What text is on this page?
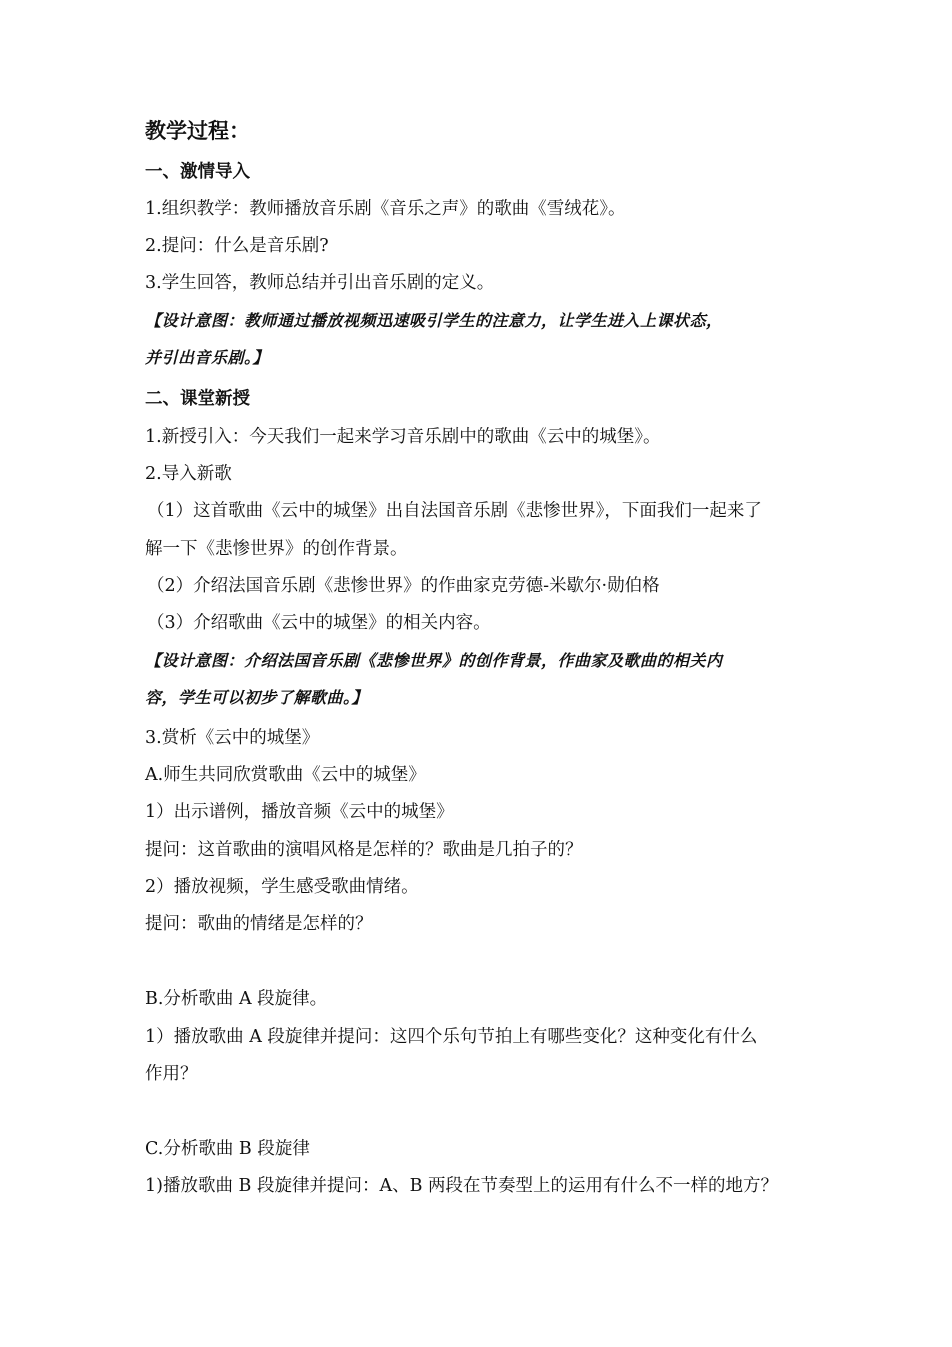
教学过程：
一、激情导入
1.组织教学：教师播放音乐剧《音乐之声》的歌曲《雪绒花》。
2.提问：什么是音乐剧?
3.学生回答，教师总结并引出音乐剧的定义。
【设计意图：教师通过播放视频迅速吸引学生的注意力，让学生进入上课状态，
并引出音乐剧。】
二、课堂新授
1.新授引入：今天我们一起来学习音乐剧中的歌曲《云中的城堡》。
2.导入新歌
（1）这首歌曲《云中的城堡》出自法国音乐剧《悲惨世界》，下面我们一起来了
解一下《悲惨世界》的创作背景。
（2）介绍法国音乐剧《悲惨世界》的作曲家克劳德-米歇尔·勋伯格
（3）介绍歌曲《云中的城堡》的相关内容。
【设计意图：介绍法国音乐剧《悲惨世界》的创作背景，作曲家及歌曲的相关内
容，学生可以初步了解歌曲。】
3.赏析《云中的城堡》
A.师生共同欣赏歌曲《云中的城堡》
1）出示谱例，播放音频《云中的城堡》
提问：这首歌曲的演唱风格是怎样的？歌曲是几拍子的？
2）播放视频，学生感受歌曲情绪。
提问：歌曲的情绪是怎样的？
B.分析歌曲 A 段旋律。
1）播放歌曲 A 段旋律并提问：这四个乐句节拍上有哪些变化？这种变化有什么
作用？
C.分析歌曲 B 段旋律
1)播放歌曲 B 段旋律并提问：A、B 两段在节奏型上的运用有什么不一样的地方？
